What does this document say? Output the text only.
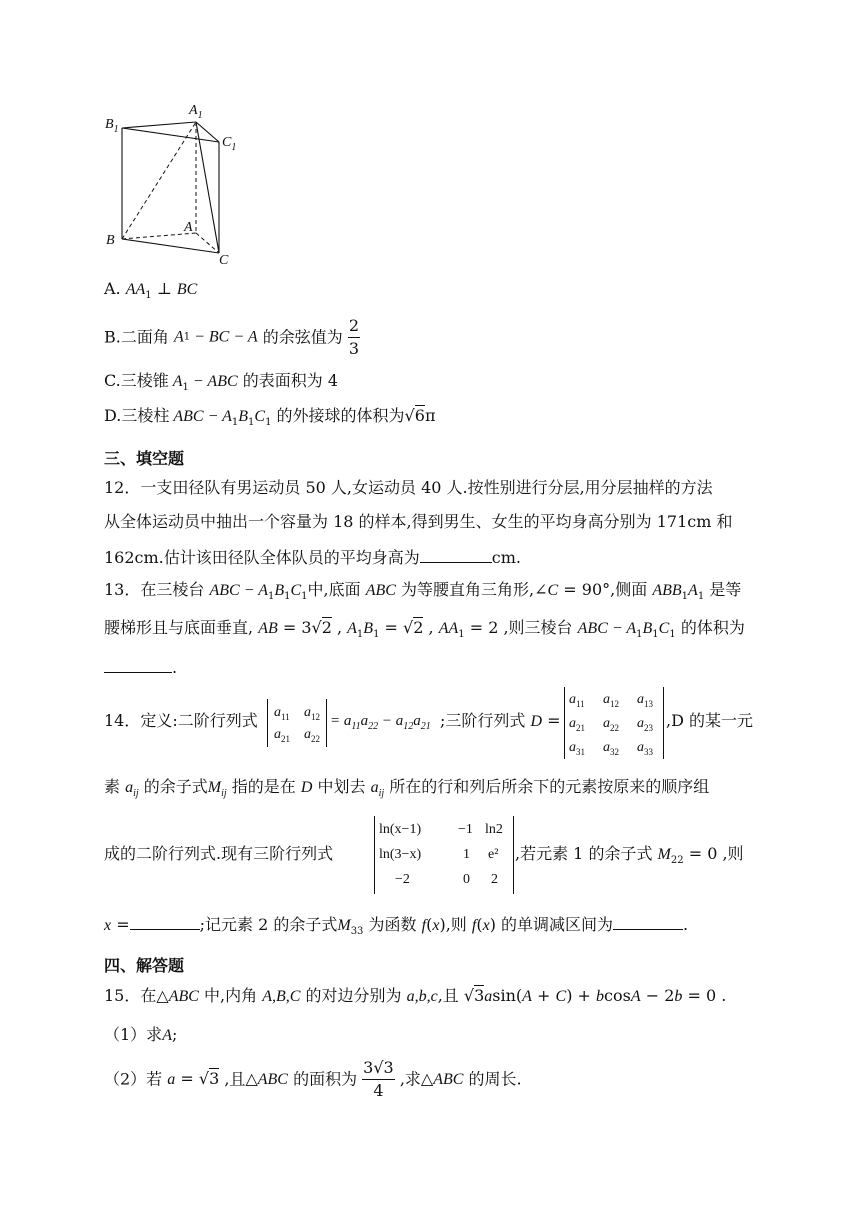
$B_1$
$A_1$
$C_1$
B
A
C
A. $AA_1$ ⊥ BC
B.二面角 A1 − BC − A 的余弦值为 $\frac{2}{3}$
C.三棱锥 $A_1$ − ABC 的表面积为 4
D.三棱柱 ABC − $A_1B_1C_1$ 的外接球的体积为√6π
三、填空题
12．一支田径队有男运动员 50 人,女运动员 40 人.按性别进行分层,用分层抽样的方法
从全体运动员中抽出一个容量为 18 的样本,得到男生、女生的平均身高分别为 171cm 和
162cm.估计该田径队全体队员的平均身高为	cm.
13．在三棱台 ABC − $A_1B_1C_1$中,底面 ABC 为等腰直角三角形,∠C = 90°,侧面 $ABB_1A_1$ 是等
腰梯形且与底面垂直, AB = 3√2 , $A_1B_1 = √2$ , $AA_1 = 2$ ,则三棱台 ABC − $A_1B_1C_1$ 的体积为
.
14．定义:二阶行列式 $a_{11}$ $a_{12}$
$a_{21}$ $a_{22}$
= $a_{11}a_{22} - a_{12}a_{21}$ ;三阶行列式 D =
$a_{11}$ $a_{12}$ $a_{13}$
$a_{21}$ $a_{22}$ $a_{23}$
$a_{31}$ $a_{32}$ $a_{33}$
,D 的某一元
素 $a_{ij}$ 的余子式$M_{ij}$ 指的是在 D 中划去 $a_{ij}$ 所在的行和列后所余下的元素按原来的顺序组
成的二阶行列式.现有三阶行列式
ln(x−1)	−1 ln2
ln(3−x)	1 e²
−2	0 2
,若元素 1 的余子式 $M_{22} = 0$ ,则
x =	;记元素 2 的余子式$M_{33}$ 为函数 f(x),则 f(x) 的单调减区间为	.
四、解答题
15．在△ABC 中,内角 A,B,C 的对边分别为 a,b,c,且 √3asin(A + C) + bcosA − 2b = 0 .
（1）求A;
（2）若 a = √3 ,且△ABC 的面积为 $\frac{3√3}{4}$ ,求△ABC 的周长.
